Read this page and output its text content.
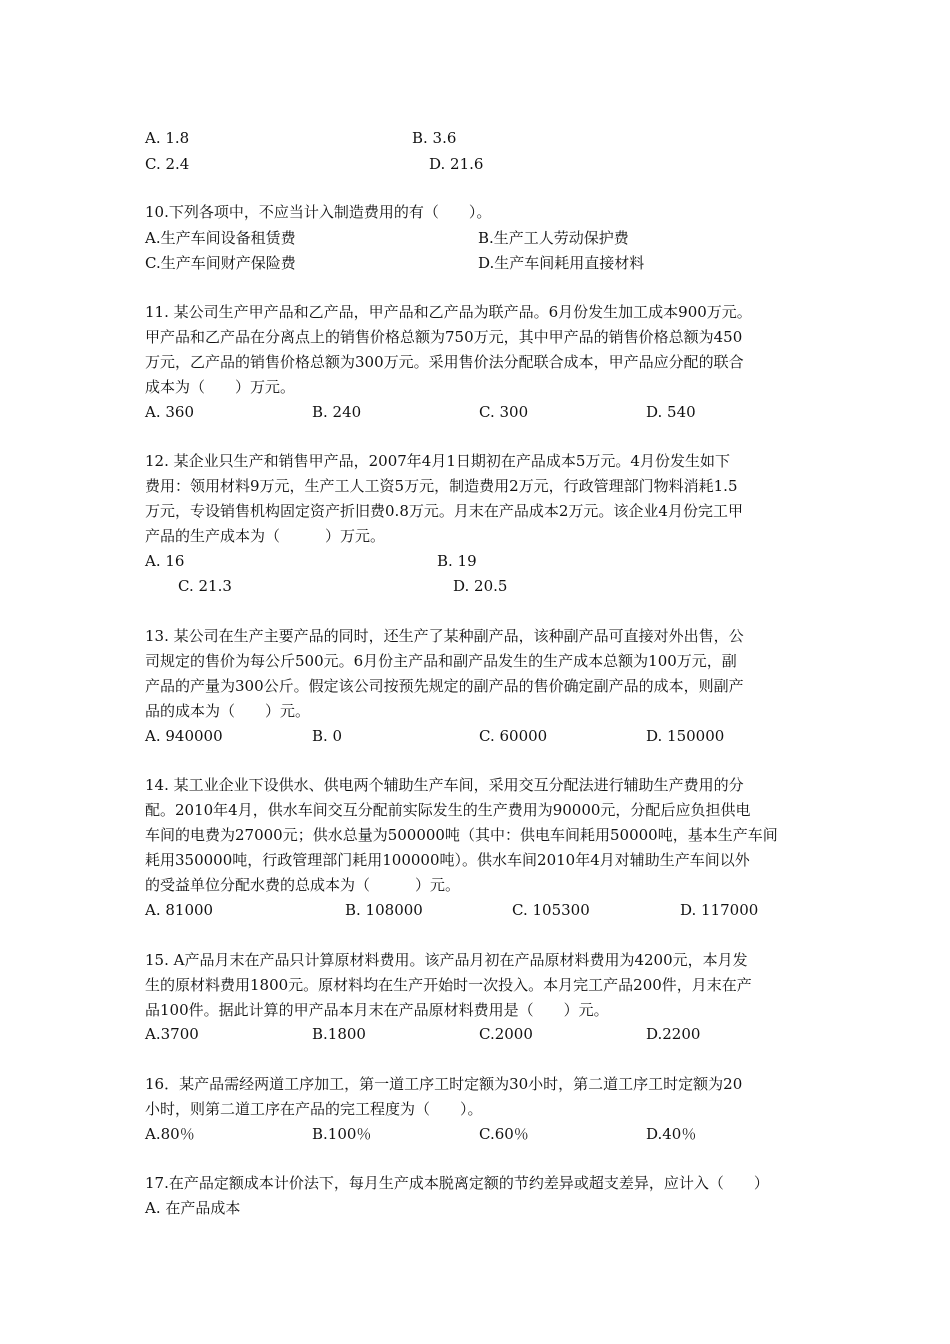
A. 1.8	B. 3.6
C. 2.4	D. 21.6
10.下列各项中，不应当计入制造费用的有（　　）。
A.生产车间设备租赁费	B.生产工人劳动保护费
C.生产车间财产保险费	D.生产车间耗用直接材料
11. 某公司生产甲产品和乙产品，甲产品和乙产品为联产品。6月份发生加工成本900万元。
甲产品和乙产品在分离点上的销售价格总额为750万元，其中甲产品的销售价格总额为450
万元，乙产品的销售价格总额为300万元。采用售价法分配联合成本，甲产品应分配的联合
成本为（　　）万元。
A. 360	B. 240	C. 300	D. 540
12. 某企业只生产和销售甲产品，2007年4月1日期初在产品成本5万元。4月份发生如下
费用：领用材料9万元，生产工人工资5万元，制造费用2万元，行政管理部门物料消耗1.5
万元，专设销售机构固定资产折旧费0.8万元。月末在产品成本2万元。该企业4月份完工甲
产品的生产成本为（　　　）万元。
A. 16	B. 19
C. 21.3	D. 20.5
13. 某公司在生产主要产品的同时，还生产了某种副产品，该种副产品可直接对外出售，公
司规定的售价为每公斤500元。6月份主产品和副产品发生的生产成本总额为100万元，副
产品的产量为300公斤。假定该公司按预先规定的副产品的售价确定副产品的成本，则副产
品的成本为（　　）元。
A. 940000	B. 0	C. 60000	D. 150000
14. 某工业企业下设供水、供电两个辅助生产车间，采用交互分配法进行辅助生产费用的分
配。2010年4月，供水车间交互分配前实际发生的生产费用为90000元，分配后应负担供电
车间的电费为27000元；供水总量为500000吨（其中：供电车间耗用50000吨，基本生产车间
耗用350000吨，行政管理部门耗用100000吨）。供水车间2010年4月对辅助生产车间以外
的受益单位分配水费的总成本为（　　　）元。
A. 81000	B. 108000	C. 105300	D. 117000
15. A产品月末在产品只计算原材料费用。该产品月初在产品原材料费用为4200元，本月发
生的原材料费用1800元。原材料均在生产开始时一次投入。本月完工产品200件，月末在产
品100件。据此计算的甲产品本月末在产品原材料费用是（　　）元。
A.3700	B.1800	C.2000	D.2200
16．某产品需经两道工序加工，第一道工序工时定额为30小时，第二道工序工时定额为20
小时，则第二道工序在产品的完工程度为（　　）。
A.80％	B.100％	C.60％	D.40％
17.在产品定额成本计价法下，每月生产成本脱离定额的节约差异或超支差异，应计入（　　）
A. 在产品成本
